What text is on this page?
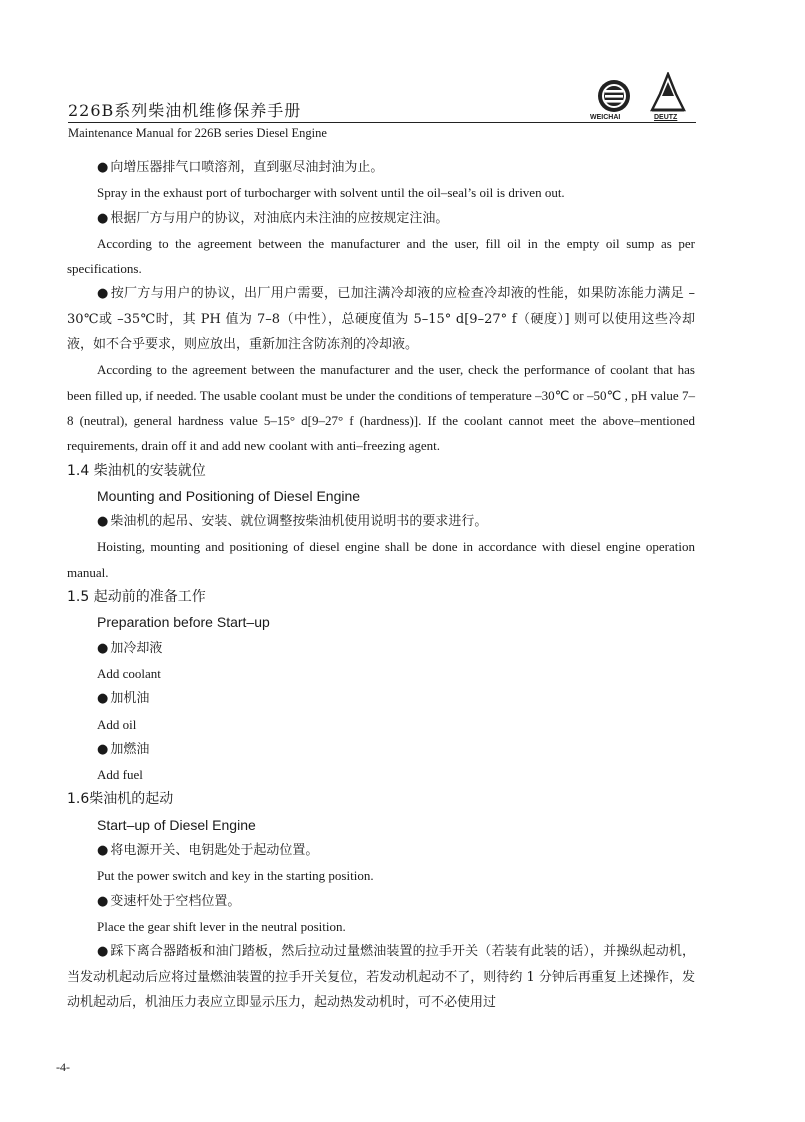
226B系列柴油机维修保养手册	WEICHAI	DEUTZ
Maintenance Manual for 226B series Diesel Engine

● 向增压器排气口喷溶剂，直到驱尽油封油为止。

Spray in the exhaust port of turbocharger with solvent until the oil–seal’s oil is driven out.

● 根据厂方与用户的协议，对油底内未注油的应按规定注油。

According to the agreement between the manufacturer and the user, fill oil in the empty oil sump as per specifications.

● 按厂方与用户的协议，出厂用户需要，已加注满冷却液的应检查冷却液的性能，如果防冻能力满足 –30℃或 –35℃时，其 PH 值为 7–8（中性），总硬度值为 5–15° d[9–27° f（硬度）] 则可以使用这些冷却液，如不合乎要求，则应放出，重新加注含防冻剂的冷却液。

According to the agreement between the manufacturer and the user, check the performance of coolant that has been filled up, if needed. The usable coolant must be under the conditions of temperature –30℃ or –50℃ , pH value 7–8 (neutral), general hardness value 5–15° d[9–27° f (hardness)]. If the coolant cannot meet the above–mentioned requirements, drain off it and add new coolant with anti–freezing agent.

1.4 柴油机的安装就位

Mounting and Positioning of Diesel Engine

● 柴油机的起吊、安装、就位调整按柴油机使用说明书的要求进行。

Hoisting, mounting and positioning of diesel engine shall be done in accordance with diesel engine operation manual.

1.5 起动前的准备工作

Preparation before Start–up

● 加冷却液

Add coolant

● 加机油

Add oil

● 加燃油

Add fuel

1.6柴油机的起动

Start–up of Diesel Engine

● 将电源开关、电钥匙处于起动位置。

Put the power switch and key in the starting position.

● 变速杆处于空档位置。

Place the gear shift lever in the neutral position.

● 踩下离合器踏板和油门踏板，然后拉动过量燃油装置的拉手开关（若装有此装的话），并操纵起动机，当发动机起动后应将过量燃油装置的拉手开关复位，若发动机起动不了，则待约 1 分钟后再重复上述操作，发动机起动后，机油压力表应立即显示压力，起动热发动机时，可不必使用过

-4-
